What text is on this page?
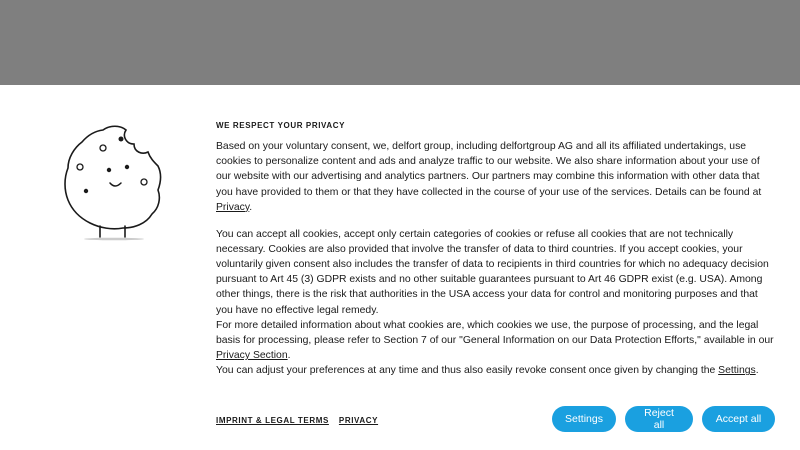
WE RESPECT YOUR PRIVACY

Based on your voluntary consent, we, delfort group, including delfortgroup AG and all its affiliated undertakings, use cookies to personalize content and ads and analyze traffic to our website. We also share information about your use of our website with our advertising and analytics partners. Our partners may combine this information with other data that you have provided to them or that they have collected in the course of your use of the services. Details can be found at Privacy.

You can accept all cookies, accept only certain categories of cookies or refuse all cookies that are not technically necessary. Cookies are also provided that involve the transfer of data to third countries. If you accept cookies, your voluntarily given consent also includes the transfer of data to recipients in third countries for which no adequacy decision pursuant to Art 45 (3) GDPR exists and no other suitable guarantees pursuant to Art 46 GDPR exist (e.g. USA). Among other things, there is the risk that authorities in the USA access your data for control and monitoring purposes and that you have no effective legal remedy.

For more detailed information about what cookies are, which cookies we use, the purpose of processing, and the legal basis for processing, please refer to Section 7 of our "General Information on our Data Protection Efforts," available in our Privacy Section.

You can adjust your preferences at any time and thus also easily revoke consent once given by changing the Settings.

IMPRINT & LEGAL TERMS PRIVACY	Settings	Reject all	Accept all
